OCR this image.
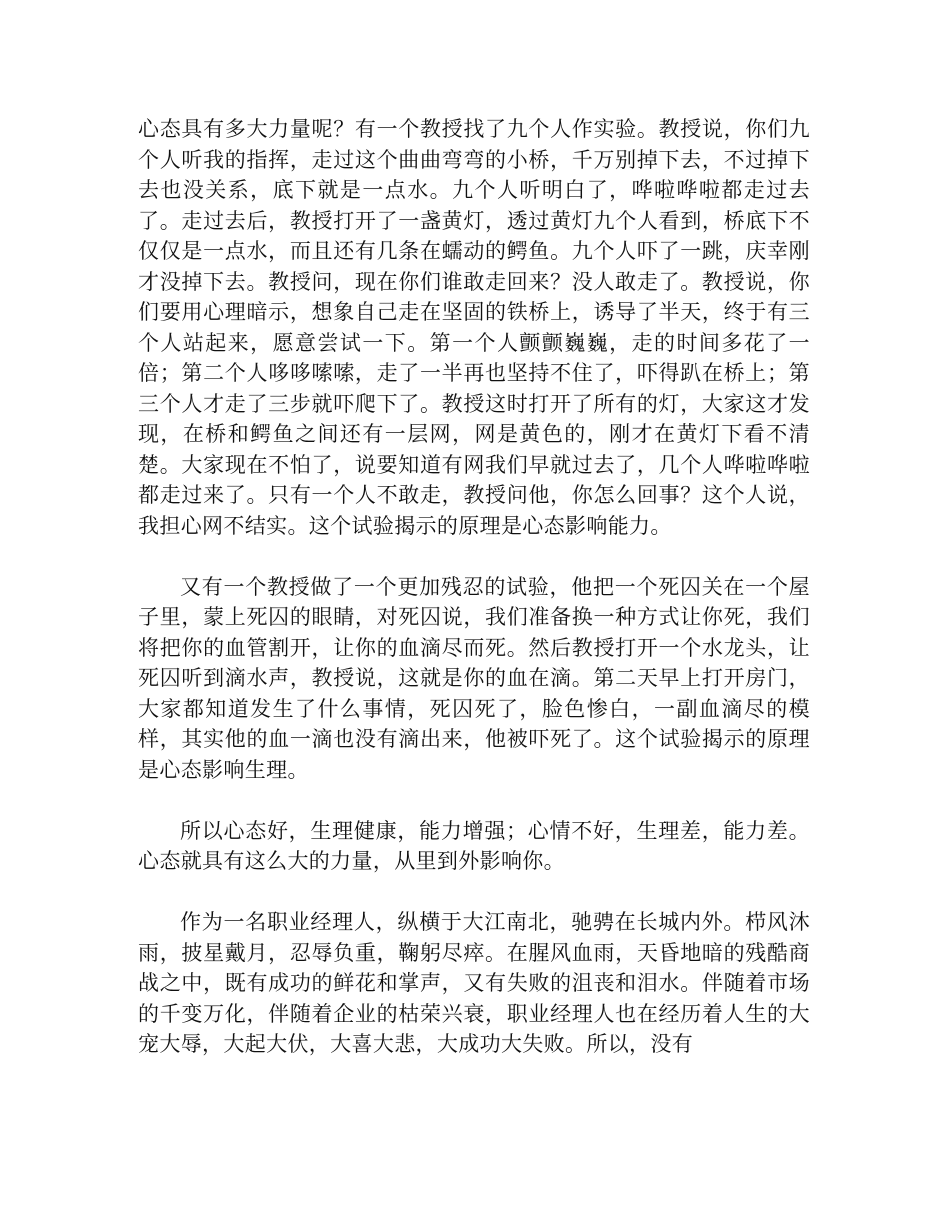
心态具有多大力量呢？有一个教授找了九个人作实验。教授说，你们九个人听我的指挥，走过这个曲曲弯弯的小桥，千万别掉下去，不过掉下去也没关系，底下就是一点水。九个人听明白了，哗啦哗啦都走过去了。走过去后，教授打开了一盏黄灯，透过黄灯九个人看到，桥底下不仅仅是一点水，而且还有几条在蠕动的鳄鱼。九个人吓了一跳，庆幸刚才没掉下去。教授问，现在你们谁敢走回来？没人敢走了。教授说，你们要用心理暗示，想象自己走在坚固的铁桥上，诱导了半天，终于有三个人站起来，愿意尝试一下。第一个人颤颤巍巍，走的时间多花了一倍；第二个人哆哆嗦嗦，走了一半再也坚持不住了，吓得趴在桥上；第三个人才走了三步就吓爬下了。教授这时打开了所有的灯，大家这才发现，在桥和鳄鱼之间还有一层网，网是黄色的，刚才在黄灯下看不清楚。大家现在不怕了，说要知道有网我们早就过去了，几个人哗啦哗啦都走过来了。只有一个人不敢走，教授问他，你怎么回事？这个人说，我担心网不结实。这个试验揭示的原理是心态影响能力。

又有一个教授做了一个更加残忍的试验，他把一个死囚关在一个屋子里，蒙上死囚的眼睛，对死囚说，我们准备换一种方式让你死，我们将把你的血管割开，让你的血滴尽而死。然后教授打开一个水龙头，让死囚听到滴水声，教授说，这就是你的血在滴。第二天早上打开房门，大家都知道发生了什么事情，死囚死了，脸色惨白，一副血滴尽的模样，其实他的血一滴也没有滴出来，他被吓死了。这个试验揭示的原理是心态影响生理。

所以心态好，生理健康，能力增强；心情不好，生理差，能力差。心态就具有这么大的力量，从里到外影响你。

作为一名职业经理人，纵横于大江南北，驰骋在长城内外。栉风沐雨，披星戴月，忍辱负重，鞠躬尽瘁。在腥风血雨，天昏地暗的残酷商战之中，既有成功的鲜花和掌声，又有失败的沮丧和泪水。伴随着市场的千变万化，伴随着企业的枯荣兴衰，职业经理人也在经历着人生的大宠大辱，大起大伏，大喜大悲，大成功大失败。所以，没有
